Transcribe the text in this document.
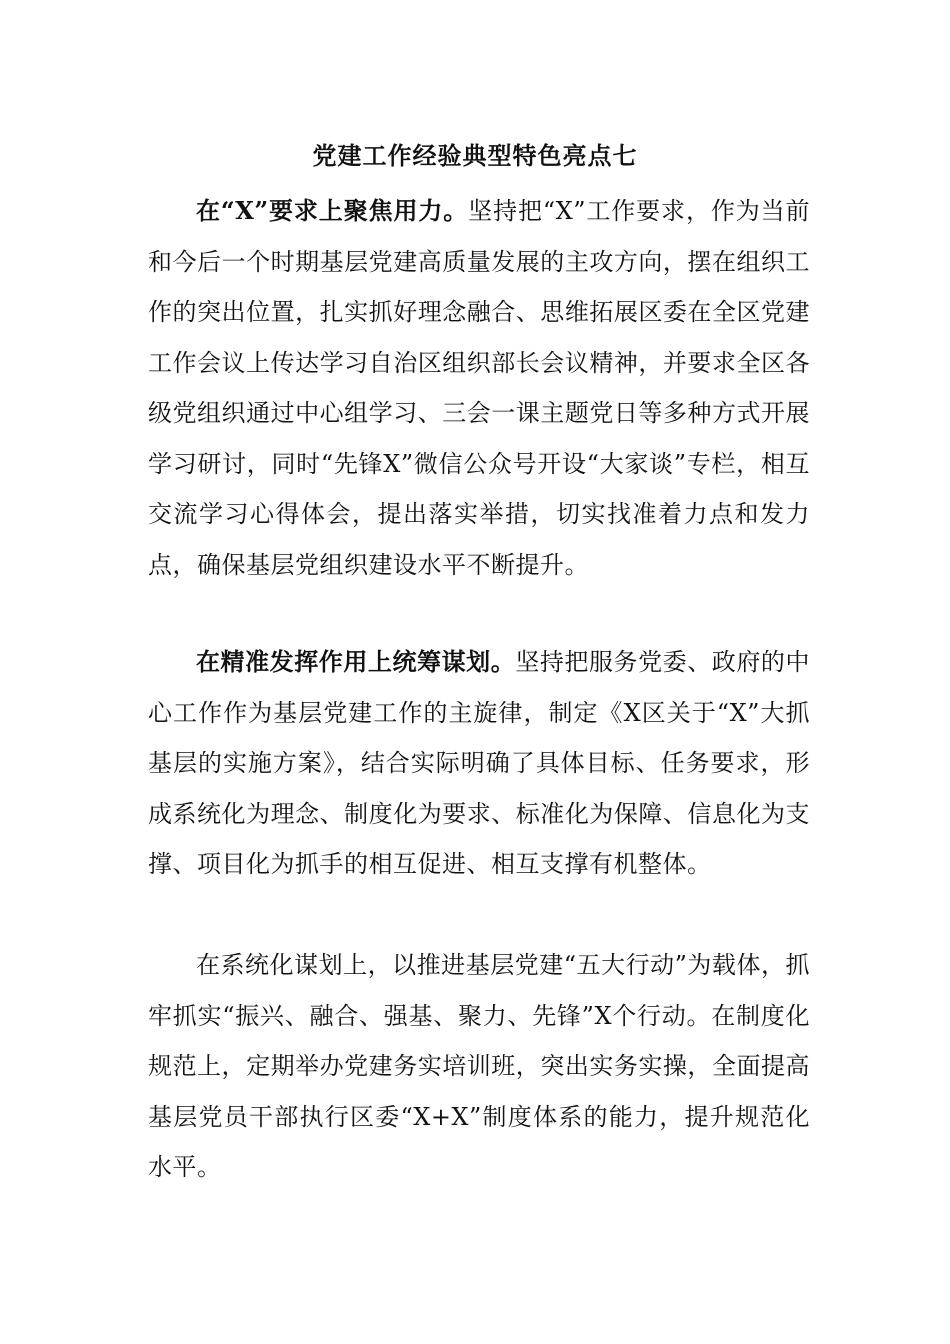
党建工作经验典型特色亮点七

在“X”要求上聚焦用力。坚持把“X”工作要求，作为当前和今后一个时期基层党建高质量发展的主攻方向，摆在组织工作的突出位置，扎实抓好理念融合、思维拓展区委在全区党建工作会议上传达学习自治区组织部长会议精神，并要求全区各级党组织通过中心组学习、三会一课主题党日等多种方式开展学习研讨，同时“先锋X”微信公众号开设“大家谈”专栏，相互交流学习心得体会，提出落实举措，切实找准着力点和发力点，确保基层党组织建设水平不断提升。

在精准发挥作用上统筹谋划。坚持把服务党委、政府的中心工作作为基层党建工作的主旋律，制定《X区关于“X”大抓基层的实施方案》，结合实际明确了具体目标、任务要求，形成系统化为理念、制度化为要求、标准化为保障、信息化为支撑、项目化为抓手的相互促进、相互支撑有机整体。

在系统化谋划上，以推进基层党建“五大行动”为载体，抓牢抓实“振兴、融合、强基、聚力、先锋”X个行动。在制度化规范上，定期举办党建务实培训班，突出实务实操，全面提高基层党员干部执行区委“X+X”制度体系的能力，提升规范化水平。
